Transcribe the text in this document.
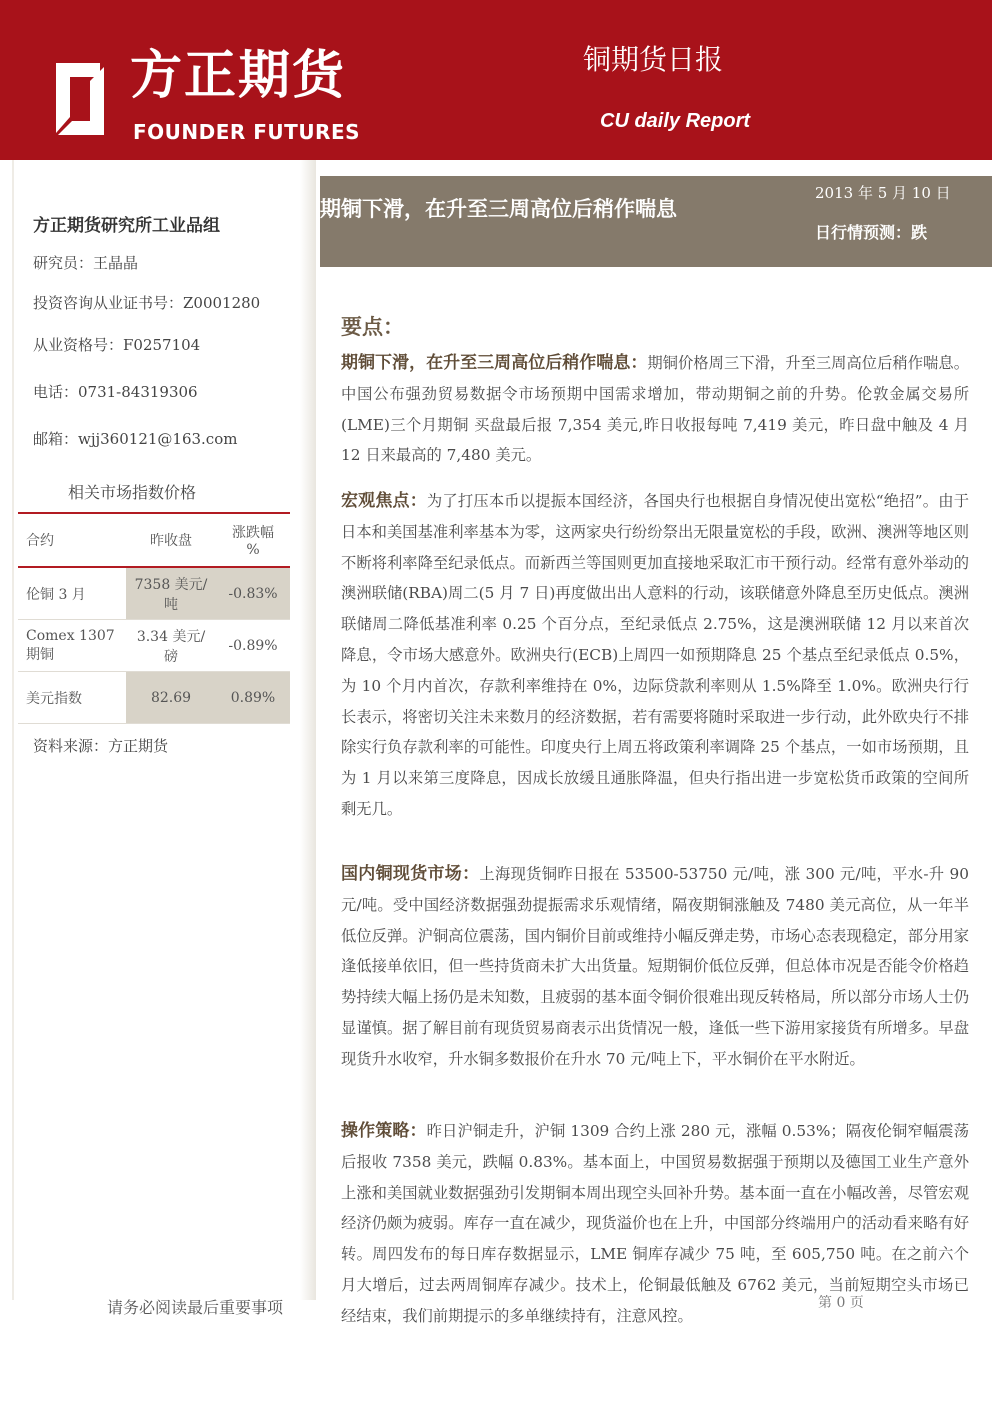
方正期货
FOUNDER FUTURES
铜期货日报
CU daily Report
方正期货研究所工业品组
研究员：王晶晶
投资咨询从业证书号：Z0001280
从业资格号：F0257104
电话：0731-84319306
邮箱：wjj360121@163.com
相关市场指数价格
合约	昨收盘	涨跌幅 %
伦铜 3 月	7358 美元/吨	-0.83%
Comex 1307 期铜	3.34 美元/磅	-0.89%
美元指数	82.69	0.89%
资料来源：方正期货
请务必阅读最后重要事项
期铜下滑，在升至三周高位后稍作喘息
2013 年 5 月 10 日
日行情预测：跌
要点：

期铜下滑，在升至三周高位后稍作喘息：期铜价格周三下滑，升至三周高位后稍作喘息。中国公布强劲贸易数据令市场预期中国需求增加，带动期铜之前的升势。伦敦金属交易所(LME)三个月期铜 买盘最后报 7,354 美元,昨日收报每吨 7,419 美元，昨日盘中触及 4 月 12 日来最高的 7,480 美元。

宏观焦点：为了打压本币以提振本国经济，各国央行也根据自身情况使出宽松“绝招”。由于日本和美国基准利率基本为零，这两家央行纷纷祭出无限量宽松的手段，欧洲、澳洲等地区则不断将利率降至纪录低点。而新西兰等国则更加直接地采取汇市干预行动。经常有意外举动的澳洲联储(RBA)周二(5 月 7 日)再度做出出人意料的行动，该联储意外降息至历史低点。澳洲联储周二降低基准利率 0.25 个百分点，至纪录低点 2.75%，这是澳洲联储 12 月以来首次降息，令市场大感意外。欧洲央行(ECB)上周四一如预期降息 25 个基点至纪录低点 0.5%，为 10 个月内首次，存款利率维持在 0%，边际贷款利率则从 1.5%降至 1.0%。欧洲央行行长表示，将密切关注未来数月的经济数据，若有需要将随时采取进一步行动，此外欧央行不排除实行负存款利率的可能性。印度央行上周五将政策利率调降 25 个基点，一如市场预期，且为 1 月以来第三度降息，因成长放缓且通胀降温，但央行指出进一步宽松货币政策的空间所剩无几。

国内铜现货市场：上海现货铜昨日报在 53500-53750 元/吨，涨 300 元/吨，平水-升 90 元/吨。受中国经济数据强劲提振需求乐观情绪，隔夜期铜涨触及 7480 美元高位，从一年半低位反弹。沪铜高位震荡，国内铜价目前或维持小幅反弹走势，市场心态表现稳定，部分用家逢低接单依旧，但一些持货商未扩大出货量。短期铜价低位反弹，但总体市况是否能令价格趋势持续大幅上扬仍是未知数，且疲弱的基本面令铜价很难出现反转格局，所以部分市场人士仍显谨慎。据了解目前有现货贸易商表示出货情况一般，逢低一些下游用家接货有所增多。早盘现货升水收窄，升水铜多数报价在升水 70 元/吨上下，平水铜价在平水附近。

操作策略：昨日沪铜走升，沪铜 1309 合约上涨 280 元，涨幅 0.53%；隔夜伦铜窄幅震荡后报收 7358 美元，跌幅 0.83%。基本面上，中国贸易数据强于预期以及德国工业生产意外上涨和美国就业数据强劲引发期铜本周出现空头回补升势。基本面一直在小幅改善，尽管宏观经济仍颇为疲弱。库存一直在减少，现货溢价也在上升，中国部分终端用户的活动看来略有好转。周四发布的每日库存数据显示，LME 铜库存减少 75 吨，至 605,750 吨。在之前六个月大增后，过去两周铜库存减少。技术上，伦铜最低触及 6762 美元，当前短期空头市场已经结束，我们前期提示的多单继续持有，注意风控。

第 0 页
